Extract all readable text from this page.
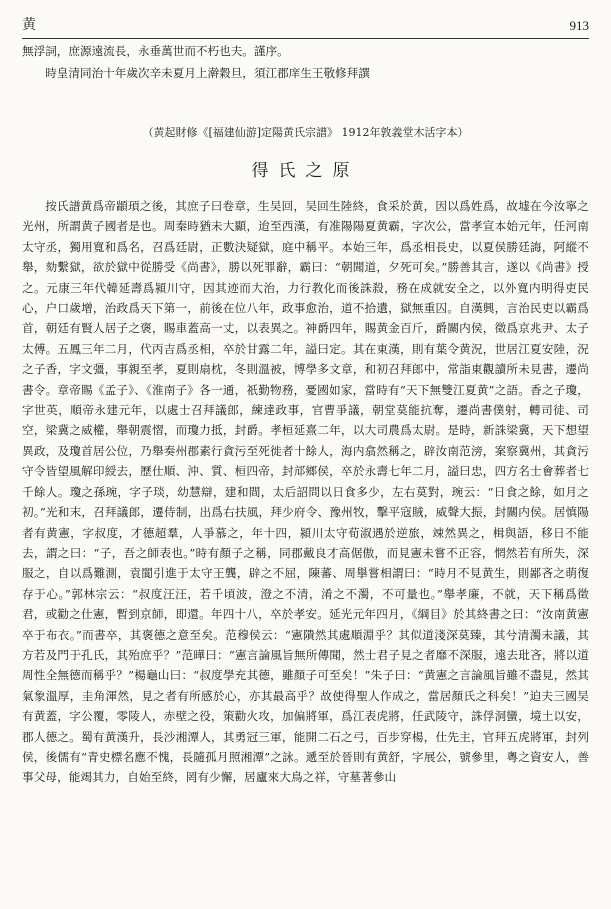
黄	913
無浮詞，庶源遠流長，永垂萬世而不朽也夫。謹序。
時皇清同治十年歲次辛未夏月上澣穀旦，須江郡庠生王敬修拜譔
（黄起財修《[福建仙游]定陽黄氏宗譜》 1912年敦義堂木活字本）
得氏之原
按氏譜黄爲帝顓頊之後，其庶子曰卷章，生吴回，吴回生陸終，食采於黄，因以爲姓爲，故墟在今汝寧之光州，所謂黄子國者是也。周秦時猶未大顯，迨至西漢，有准陽陽夏黄霸，字次公，當孝宣本始元年，任河南太守丞，獨用寬和爲名，召爲廷尉，正數決疑獄，庭中稱平。本始三年，爲丞相長史，以夏侯勝廷誨，阿縱不舉，劾繫獄，欲於獄中從勝受《尚書》，勝以死罪辭，霸曰：“朝聞道，夕死可矣。”勝善其言，遂以《尚書》授之。元康三年代韓延壽爲潁川守，因其迹而大治，力行教化而後誅殺，務在成就安全之，以外寬内明得吏民心，户口歲增，治政爲天下第一，前後在位八年，政事愈治，道不拾遺，獄無重囚。自漢興，言治民吏以霸爲首，朝廷有賢人居子之褒，賜車蓋高一丈，以表異之。神爵四年，賜黄金百斤，爵關内侯，徵爲京兆尹、太子太傅。五鳳三年二月，代丙吉爲丞相，卒於甘露二年，謚曰定。其在東漢，則有葉令黄況，世居江夏安陸，況之子香，字文彊，事親至孝，夏則扇枕，冬則溫被，博學多文章，和初召拜郎中，常詣東觀讀所未見書，遷尚書令。章帝賜《孟子》、《淮南子》各一通，祇勤物務，憂國如家，當時有“天下無雙江夏黄”之語。香之子瓊，字世英，順帝永建元年，以處士召拜議郎，練達政事，官曹爭議，朝堂莫能抗奪，遷尚書僕射，轉司徒、司空，梁冀之威權，舉朝震慴，而瓊力抵，封爵。孝桓延熹二年，以大司農爲太尉。是時，新誅梁冀，天下想望異政，及瓊首居公位，乃舉奏州郡素行貪污至死徙者十餘人，海内翕然稱之，辟汝南范滂，案察冀州，其貪污守令皆望風解印綬去，歷仕順、沖、質、桓四帝，封邟鄉侯，卒於永壽七年二月，謚曰忠，四方名士會葬者七千餘人。瓊之孫琬，字子琰，幼慧辯，建和間，太后詔問以日食多少，左右莫對，琬云：“日食之餘，如月之初。”光和末，召拜議郎，遷侍制，出爲右扶風，拜少府令、豫州牧，擊平寇賊，威聲大振，封關内侯。居慎陽者有黄憲，字叔度，才德超羣，人爭慕之，年十四，潁川太守荀淑遇於逆旅，竦然異之，楫與語，移日不能去，謂之曰：“子，吾之師表也。”時有顏子之稱，同郡戴良才高倨傲，而見憲未嘗不正容，惘然若有所失，深服之，自以爲難測，袁閬引進于太守王龔，辟之不屈，陳蕃、周擧嘗相謂曰：“時月不見黄生，則鄙吝之萌復存于心。”郭林宗云：“叔度汪汪，若千頃波，澄之不清，淆之不濁，不可量也。”舉孝廉，不就，天下稱爲徵君，或勸之仕憲，暫到京師，即還。年四十八，卒於孝安。延光元年四月，《綱目》於其終書之曰：“汝南黄憲卒于布衣。”而書卒，其褒德之意至矣。范穆侯云：“憲隤然其處順淵乎？其似道淺深莫臻，其兮清濁未議，其方若及門于孔氏，其殆庶乎？”范曄曰：“憲言論風旨無所傳聞，然士君子見之者靡不深服，遠去玭吝，將以道周性全無德而稱乎？”楊龜山曰：“叔度學充其德，雖顏子可至矣！”朱子曰：“黄憲之言論風旨雖不盡見，然其氣象溫厚，圭角渾然，見之者有所感於心，亦其最高乎？故使得聖人作成之，當居顏氏之科矣！”迫夫三國吴有黄蓋，字公覆，零陵人，赤壁之役，策勸火攻，加偏將軍，爲江表虎將，任武陵守，誅俘洞蠻，境土以安，郡人德之。蜀有黄漢升，長沙湘潭人，其勇冠三軍，能開二石之弓，百步穿楊，仕先主，官拜五虎將軍，封列侯，後儒有“青史標名應不愧，長隨孤月照湘潭”之詠。遞至於晉則有黄舒，字展公，號參里，粵之資安人，善事父母，能竭其力，自始至終，罔有少懈，居廬來大鳥之祥，守墓著參山
